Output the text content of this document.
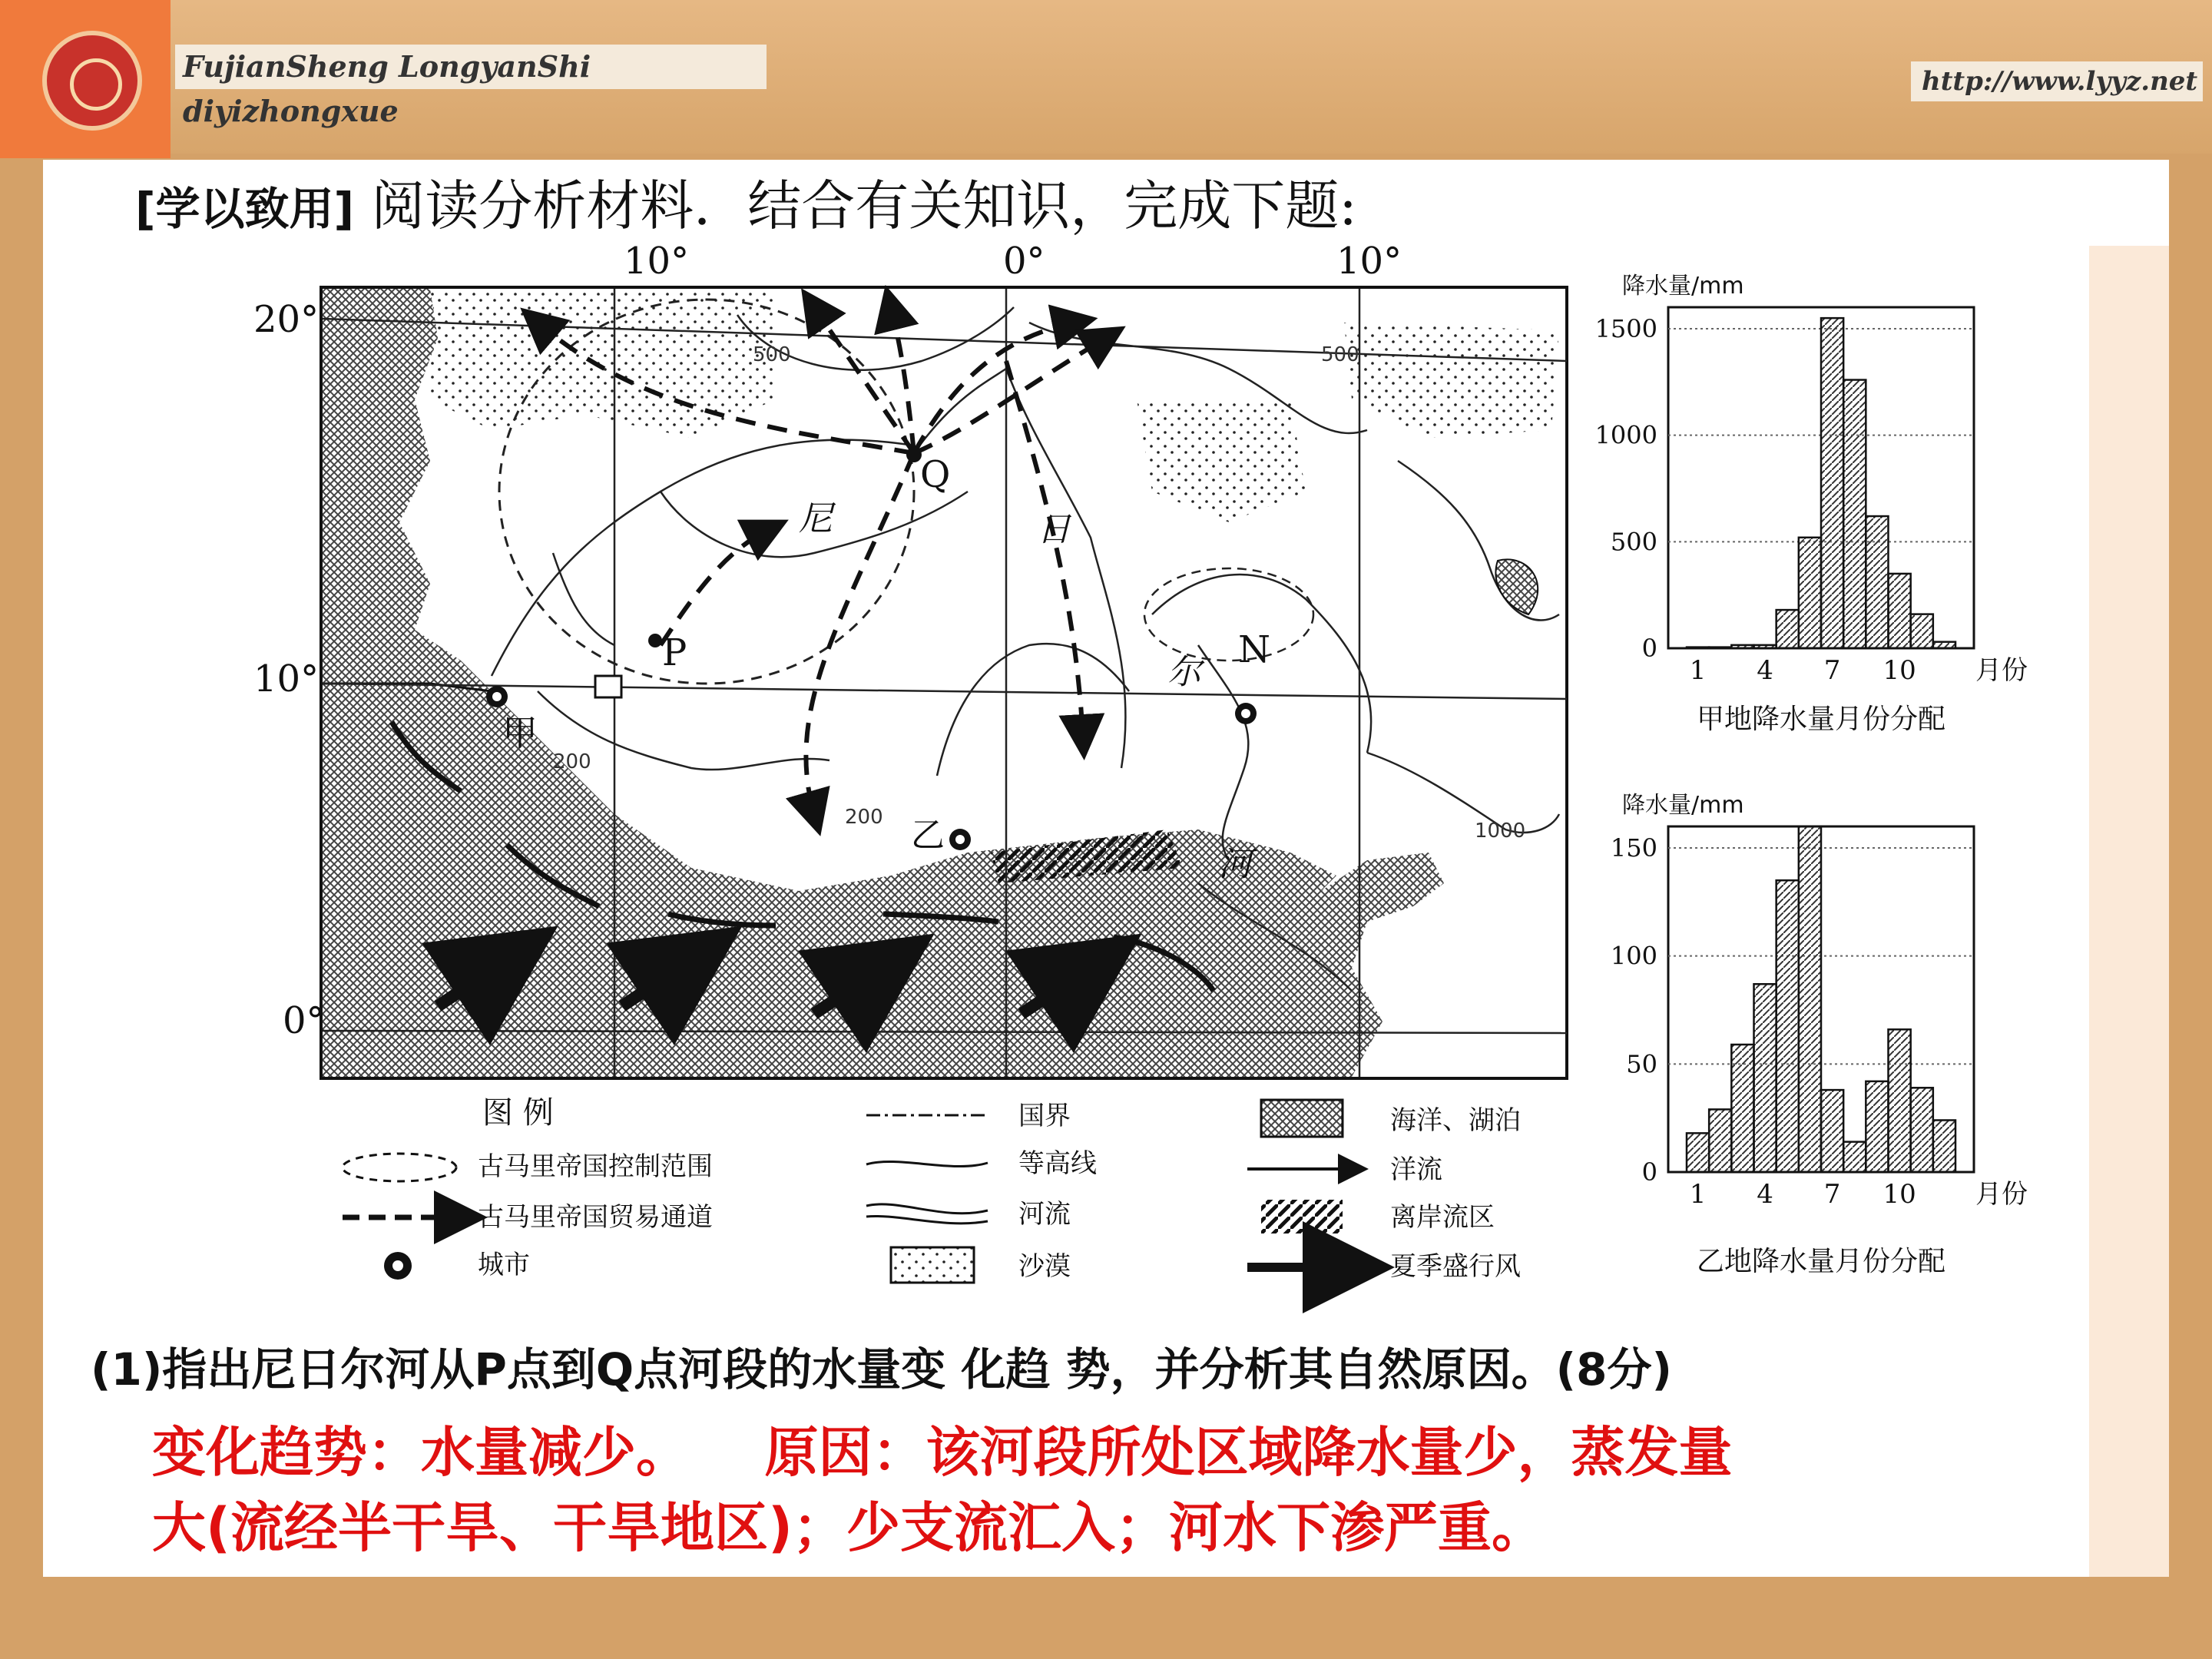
FujianSheng LongyanShi diyizhongxue
http://www.lyyz.net
[学以致用] 阅读分析材料．结合有关知识，完成下题:
Q
P	N
甲
乙
尼	日
尔
河
200
200
500	500
1000
10°	0°	10°
20°
10°
0°
图 例
古马里帝国控制范围
古马里帝国贸易通道
城市
国界
等高线
河流
沙漠
海洋、湖泊
洋流
离岸流区
夏季盛行风
降水量/mm
0
500
1000
1500
1 4 7 10 月份
甲地降水量月份分配
降水量/mm
0
50
100
150
1 4 7 10 月份
乙地降水量月份分配
(1)指出尼日尔河从P点到Q点河段的水量变 化趋 势，并分析其自然原因。(8分)
变化趋势：水量减少。    原因：该河段所处区域降水量少，蒸发量
大(流经半干旱、干旱地区)；少支流汇入；河水下渗严重。
